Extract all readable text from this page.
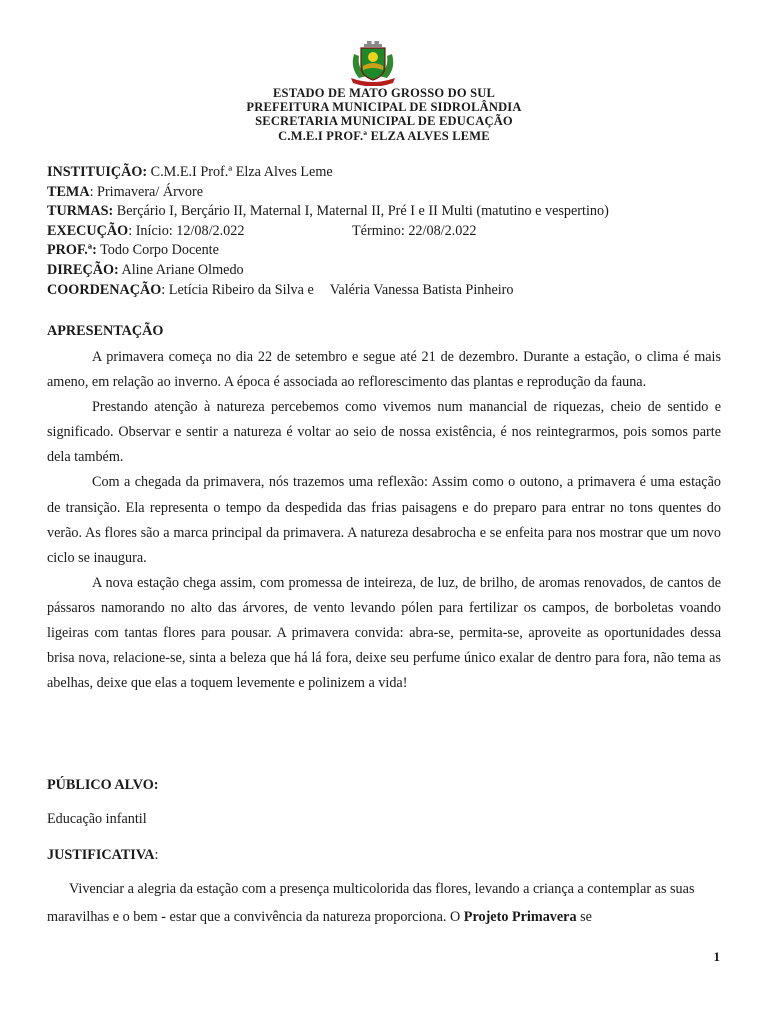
ESTADO DE MATO GROSSO DO SUL
PREFEITURA MUNICIPAL DE SIDROLÂNDIA
SECRETARIA MUNICIPAL DE EDUCAÇÃO
C.M.E.I PROF.ª ELZA ALVES LEME
INSTITUIÇÃO: C.M.E.I Prof.ª Elza Alves Leme
TEMA: Primavera/ Árvore
TURMAS: Berçário I, Berçário II, Maternal I, Maternal II, Pré I e II Multi (matutino e vespertino)
EXECUÇÃO: Início: 12/08/2.022	Término: 22/08/2.022
PROF.ª: Todo Corpo Docente
DIREÇÃO: Aline Ariane Olmedo
COORDENAÇÃO: Letícia Ribeiro da Silva e Valéria Vanessa Batista Pinheiro
APRESENTAÇÃO

A primavera começa no dia 22 de setembro e segue até 21 de dezembro. Durante a estação, o clima é mais ameno, em relação ao inverno. A época é associada ao reflorescimento das plantas e reprodução da fauna.

Prestando atenção à natureza percebemos como vivemos num manancial de riquezas, cheio de sentido e significado. Observar e sentir a natureza é voltar ao seio de nossa existência, é nos reintegrarmos, pois somos parte dela também.

Com a chegada da primavera, nós trazemos uma reflexão: Assim como o outono, a primavera é uma estação de transição. Ela representa o tempo da despedida das frias paisagens e do preparo para entrar no tons quentes do verão. As flores são a marca principal da primavera. A natureza desabrocha e se enfeita para nos mostrar que um novo ciclo se inaugura.

A nova estação chega assim, com promessa de inteireza, de luz, de brilho, de aromas renovados, de cantos de pássaros namorando no alto das árvores, de vento levando pólen para fertilizar os campos, de borboletas voando ligeiras com tantas flores para pousar. A primavera convida: abra-se, permita-se, aproveite as oportunidades dessa brisa nova, relacione-se, sinta a beleza que há lá fora, deixe seu perfume único exalar de dentro para fora, não tema as abelhas, deixe que elas a toquem levemente e polinizem a vida!

PÚBLICO ALVO:
Educação infantil
JUSTIFICATIVA:
Vivenciar a alegria da estação com a presença multicolorida das flores, levando a criança a contemplar as suas maravilhas e o bem - estar que a convivência da natureza proporciona. O Projeto Primavera se
1
